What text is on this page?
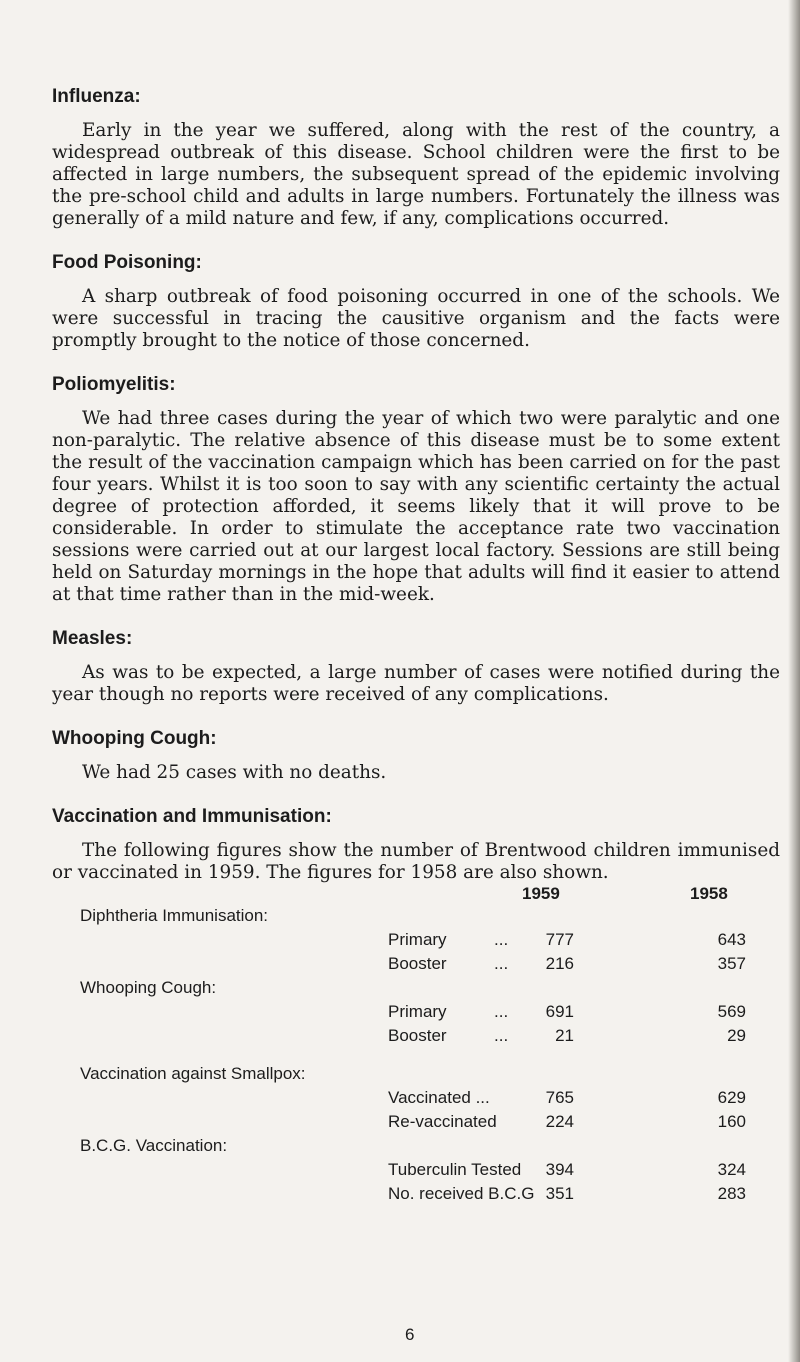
Influenza:
Early in the year we suffered, along with the rest of the country, a widespread outbreak of this disease. School children were the first to be affected in large numbers, the subsequent spread of the epidemic involving the pre-school child and adults in large numbers. Fortunately the illness was generally of a mild nature and few, if any, complications occurred.
Food Poisoning:
A sharp outbreak of food poisoning occurred in one of the schools. We were successful in tracing the causitive organism and the facts were promptly brought to the notice of those concerned.
Poliomyelitis:
We had three cases during the year of which two were paralytic and one non-paralytic. The relative absence of this disease must be to some extent the result of the vaccination campaign which has been carried on for the past four years. Whilst it is too soon to say with any scientific certainty the actual degree of protection afforded, it seems likely that it will prove to be considerable. In order to stimulate the acceptance rate two vaccination sessions were carried out at our largest local factory. Sessions are still being held on Saturday mornings in the hope that adults will find it easier to attend at that time rather than in the mid-week.
Measles:
As was to be expected, a large number of cases were notified during the year though no reports were received of any complications.
Whooping Cough:
We had 25 cases with no deaths.
Vaccination and Immunisation:
The following figures show the number of Brentwood children immunised or vaccinated in 1959. The figures for 1958 are also shown.
1959	1958
Diphtheria Immunisation:
Primary	...	777	643
Booster	...	216	357
Whooping Cough:
Primary	...	691	569
Booster	...	21	29
Vaccination against Smallpox:
Vaccinated ...	765	629
Re-vaccinated	224	160
B.C.G. Vaccination:
Tuberculin Tested	394	324
No. received B.C.G 351	283
6
